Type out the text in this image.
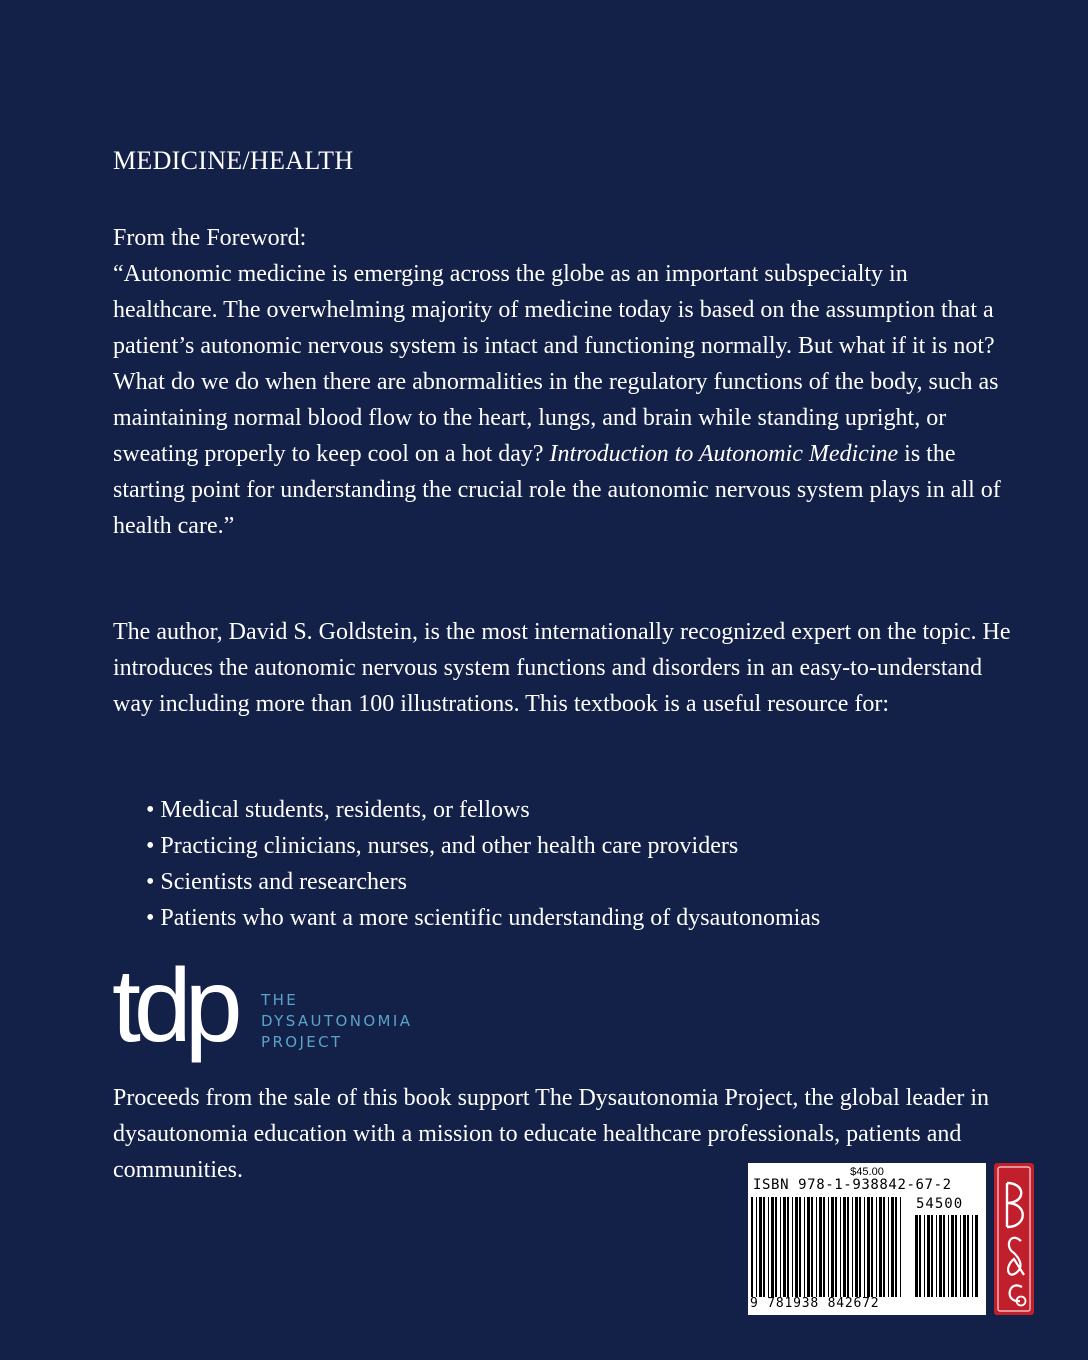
MEDICINE/HEALTH

From the Foreword:

“Autonomic medicine is emerging across the globe as an important subspecialty in healthcare. The overwhelming majority of medicine today is based on the assumption that a patient’s autonomic nervous system is intact and functioning normally. But what if it is not? What do we do when there are abnormalities in the regulatory functions of the body, such as maintaining normal blood flow to the heart, lungs, and brain while standing upright, or sweating properly to keep cool on a hot day? Introduction to Autonomic Medicine is the starting point for understanding the crucial role the autonomic nervous system plays in all of health care.”

The author, David S. Goldstein, is the most internationally recognized expert on the topic. He introduces the autonomic nervous system functions and disorders in an easy-to-understand way including more than 100 illustrations. This textbook is a useful resource for:

• Medical students, residents, or fellows
• Practicing clinicians, nurses, and other health care providers
• Scientists and researchers
• Patients who want a more scientific understanding of dysautonomias
tdp THE
DYSAUTONOMIA
PROJECT

Proceeds from the sale of this book support The Dysautonomia Project, the global leader in dysautonomia education with a mission to educate healthcare professionals, patients and communities.	$45.00
ISBN 978-1-938842-67-2
54500
9 781938 842672
